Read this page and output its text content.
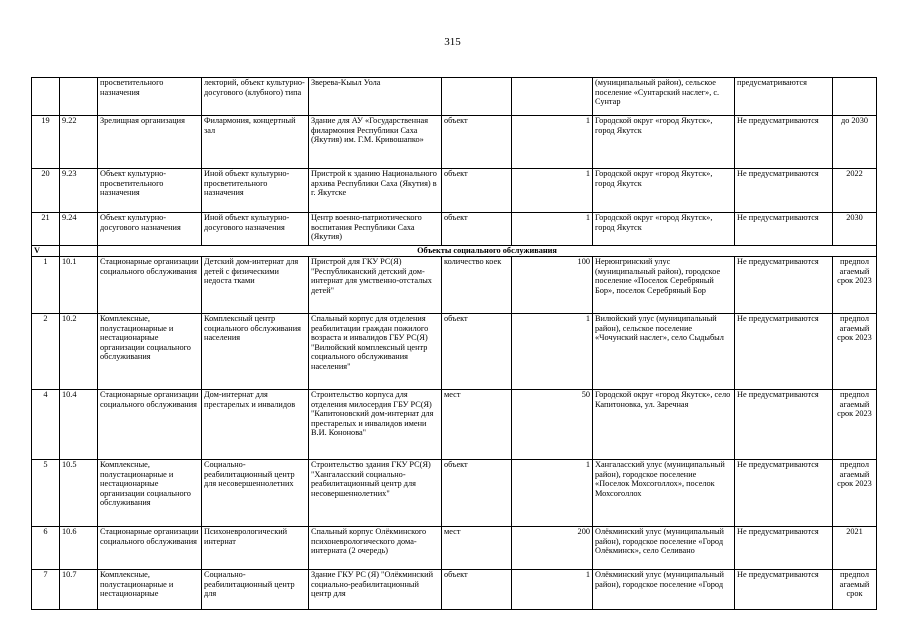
315
		просветительного назначения	лекторий, объект культурно-досугового (клубного) типа	Зверева-Кыыл Уола			(муниципальный район), сельское поселение «Сунтарский наслег», с. Сунтар	предусматриваются	
19	9.22	Зрелищная организация	Филармония, концертный зал	Здание для АУ «Государственная филармония Республики Саха (Якутия) им. Г.М. Кривошапко»	объект	1	Городской округ «город Якутск», город Якутск	Не предусматриваются	до 2030
20	9.23	Объект культурно-просветительного назначения	Иной объект культурно-просветительного назначения	Пристрой к зданию Национального архива Республики Саха (Якутия) в г. Якутске	объект	1	Городской округ «город Якутск», город Якутск	Не предусматриваются	2022
21	9.24	Объект культурно-досугового назначения	Иной объект культурно-досугового назначения	Центр военно-патриотического воспитания Республики Саха (Якутия)	объект	1	Городской округ «город Якутск», город Якутск	Не предусматриваются	2030
V		Объекты социального обслуживания							
1	10.1	Стационарные организации социального обслуживания	Детский дом-интернат для детей с физическими недоста тками	Пристрой для ГКУ РС(Я) "Республиканский детский дом-интернат для умственно-отсталых детей"	количество коек	100	Нерюнгринский улус (муниципальный район), городское поселение «Поселок Серебряный Бор», поселок Серебряный Бор	Не предусматриваются	предпол агаемый срок 2023
2	10.2	Комплексные, полустационарные и нестационарные организации социального обслуживания	Комплексный центр социального обслуживания населения	Спальный корпус для отделения реабилитации граждан пожилого возраста и инвалидов ГБУ РС(Я) "Вилюйский комплексный центр социального обслуживания населения"	объект	1	Вилюйский улус (муниципальный район), сельское поселение «Чочунский наслег», село Сыдыбыл	Не предусматриваются	предпол агаемый срок 2023
4	10.4	Стационарные организации социального обслуживания	Дом-интернат для престарелых и инвалидов	Строительство корпуса для отделения милосердия ГБУ РС(Я) "Капитоновский дом-интернат для престарелых и инвалидов имени В.И. Кононова"	мест	50	Городской округ «город Якутск», село Капитоновка, ул. Заречная	Не предусматриваются	предпол агаемый срок 2023
5	10.5	Комплексные, полустационарные и нестационарные организации социального обслуживания	Социально-реабилитационный центр для несовершеннолетних	Строительство здания ГКУ РС(Я) "Хангаласский социально-реабилитационный центр для несовершеннолетних"	объект	1	Хангаласский улус (муниципальный район), городское поселение «Поселок Мохсоголлох», поселок Мохсоголлох	Не предусматриваются	предпол агаемый срок 2023
6	10.6	Стационарные организации социального обслуживания	Психоневрологический интернат	Спальный корпус Олёкминского психоневрологического дома-интерната (2 очередь)	мест	200	Олёкминский улус (муниципальный район), городское поселение «Город Олёкминск», село Селивано	Не предусматриваются	2021
7	10.7	Комплексные, полустационарные и нестационарные	Социально-реабилитационный центр для	Здание ГКУ РС (Я) "Олёкминский социально-реабилитационный центр для	объект	1	Олёкминский улус (муниципальный район), городское поселение «Город	Не предусматриваются	предпол агаемый срок
